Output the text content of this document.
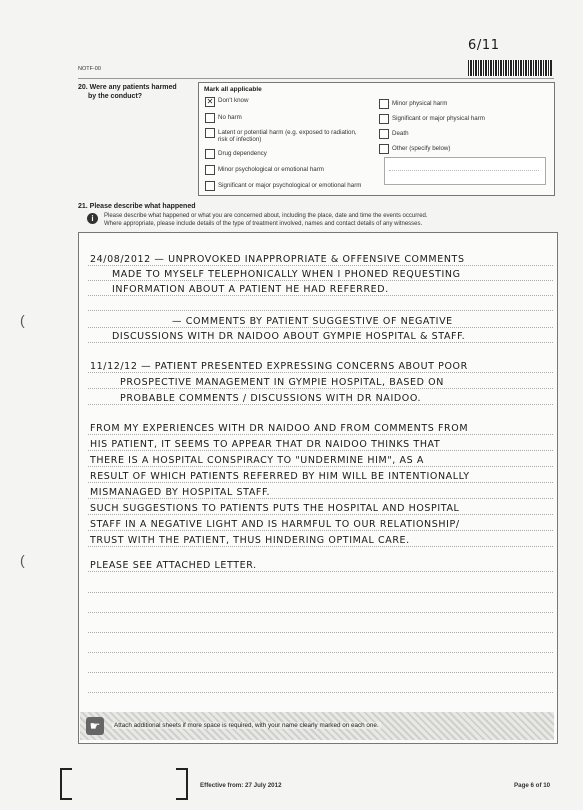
6/11
NOTF-00
20. Were any patients harmed
by the conduct?
Mark all applicable
✕ Don't know
No harm
Latent or potential harm (e.g. exposed to radiation,
risk of infection)
Drug dependency
Minor psychological or emotional harm
Significant or major psychological or emotional harm
Minor physical harm
Significant or major physical harm
Death
Other (specify below)
21. Please describe what happened
i	Please describe what happened or what you are concerned about, including the place, date and time the events occurred.
Where appropriate, please include details of the type of treatment involved, names and contact details of any witnesses.
24/08/2012 — UNPROVOKED INAPPROPRIATE & OFFENSIVE COMMENTS
MADE TO MYSELF TELEPHONICALLY WHEN I PHONED REQUESTING
INFORMATION ABOUT A PATIENT HE HAD REFERRED.
— COMMENTS BY PATIENT SUGGESTIVE OF NEGATIVE
DISCUSSIONS WITH DR NAIDOO ABOUT GYMPIE HOSPITAL & STAFF.
11/12/12 — PATIENT PRESENTED EXPRESSING CONCERNS ABOUT POOR
PROSPECTIVE MANAGEMENT IN GYMPIE HOSPITAL, BASED ON
PROBABLE COMMENTS / DISCUSSIONS WITH DR NAIDOO.
FROM MY EXPERIENCES WITH DR NAIDOO AND FROM COMMENTS FROM
HIS PATIENT, IT SEEMS TO APPEAR THAT DR NAIDOO THINKS THAT
THERE IS A HOSPITAL CONSPIRACY TO "UNDERMINE HIM", AS A
RESULT OF WHICH PATIENTS REFERRED BY HIM WILL BE INTENTIONALLY
MISMANAGED BY HOSPITAL STAFF.
SUCH SUGGESTIONS TO PATIENTS PUTS THE HOSPITAL AND HOSPITAL
STAFF IN A NEGATIVE LIGHT AND IS HARMFUL TO OUR RELATIONSHIP/
TRUST WITH THE PATIENT, THUS HINDERING OPTIMAL CARE.
PLEASE SEE ATTACHED LETTER.
☛	Attach additional sheets if more space is required, with your name clearly marked on each one.
(
(
Effective from: 27 July 2012	Page 6 of 10
